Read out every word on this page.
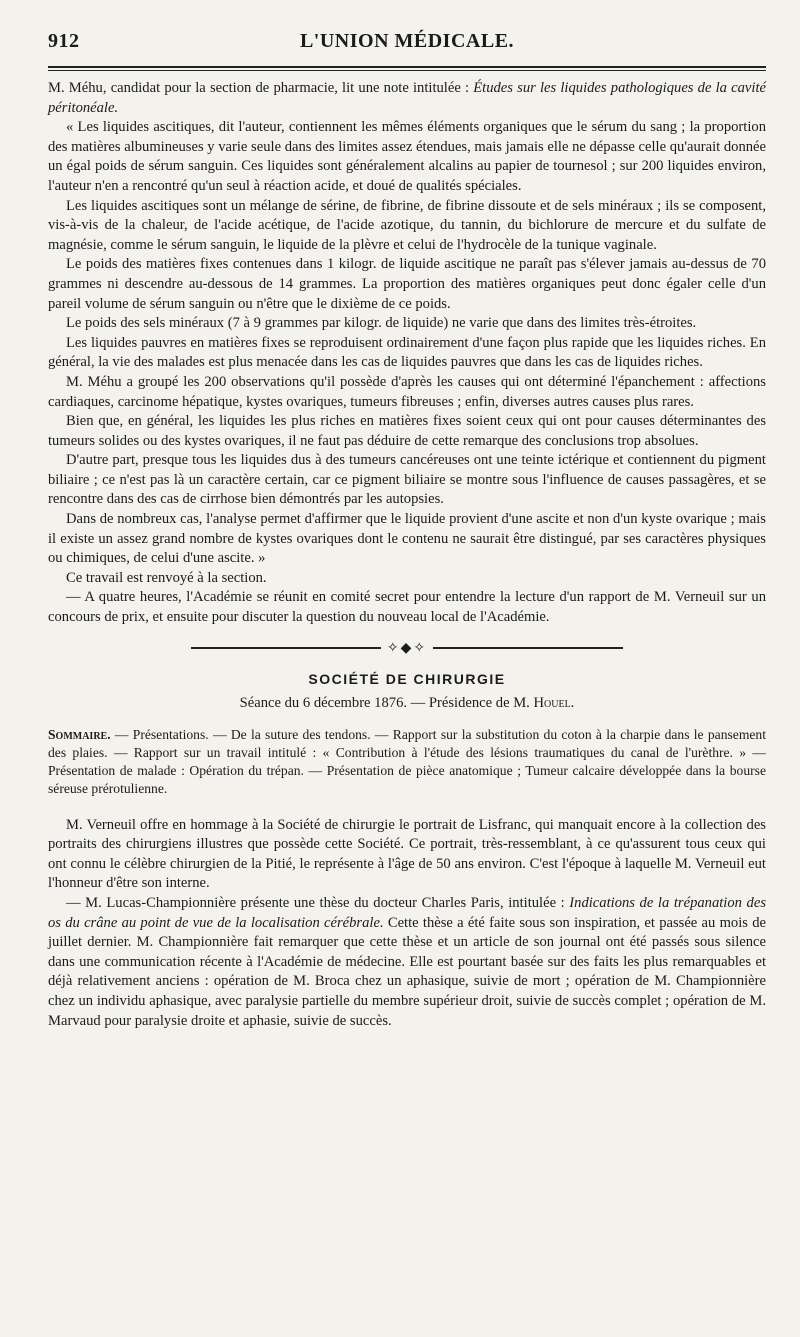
912	L'UNION MÉDICALE.

M. Méhu, candidat pour la section de pharmacie, lit une note intitulée : Études sur les liquides pathologiques de la cavité péritonéale.

« Les liquides ascitiques, dit l'auteur, contiennent les mêmes éléments organiques que le sérum du sang ; la proportion des matières albumineuses y varie seule dans des limites assez étendues, mais jamais elle ne dépasse celle qu'aurait donnée un égal poids de sérum sanguin. Ces liquides sont généralement alcalins au papier de tournesol ; sur 200 liquides environ, l'auteur n'en a rencontré qu'un seul à réaction acide, et doué de qualités spéciales.

Les liquides ascitiques sont un mélange de sérine, de fibrine, de fibrine dissoute et de sels minéraux ; ils se composent, vis-à-vis de la chaleur, de l'acide acétique, de l'acide azotique, du tannin, du bichlorure de mercure et du sulfate de magnésie, comme le sérum sanguin, le liquide de la plèvre et celui de l'hydrocèle de la tunique vaginale.

Le poids des matières fixes contenues dans 1 kilogr. de liquide ascitique ne paraît pas s'élever jamais au-dessus de 70 grammes ni descendre au-dessous de 14 grammes. La proportion des matières organiques peut donc égaler celle d'un pareil volume de sérum sanguin ou n'être que le dixième de ce poids.

Le poids des sels minéraux (7 à 9 grammes par kilogr. de liquide) ne varie que dans des limites très-étroites.

Les liquides pauvres en matières fixes se reproduisent ordinairement d'une façon plus rapide que les liquides riches. En général, la vie des malades est plus menacée dans les cas de liquides pauvres que dans les cas de liquides riches.

M. Méhu a groupé les 200 observations qu'il possède d'après les causes qui ont déterminé l'épanchement : affections cardiaques, carcinome hépatique, kystes ovariques, tumeurs fibreuses ; enfin, diverses autres causes plus rares.

Bien que, en général, les liquides les plus riches en matières fixes soient ceux qui ont pour causes déterminantes des tumeurs solides ou des kystes ovariques, il ne faut pas déduire de cette remarque des conclusions trop absolues.

D'autre part, presque tous les liquides dus à des tumeurs cancéreuses ont une teinte ictérique et contiennent du pigment biliaire ; ce n'est pas là un caractère certain, car ce pigment biliaire se montre sous l'influence de causes passagères, et se rencontre dans des cas de cirrhose bien démontrés par les autopsies.

Dans de nombreux cas, l'analyse permet d'affirmer que le liquide provient d'une ascite et non d'un kyste ovarique ; mais il existe un assez grand nombre de kystes ovariques dont le contenu ne saurait être distingué, par ses caractères physiques ou chimiques, de celui d'une ascite. »

Ce travail est renvoyé à la section.

— A quatre heures, l'Académie se réunit en comité secret pour entendre la lecture d'un rapport de M. Verneuil sur un concours de prix, et ensuite pour discuter la question du nouveau local de l'Académie.

✧◆✧
SOCIÉTÉ DE CHIRURGIE
Séance du 6 décembre 1876. — Présidence de M. Houel.
Sommaire. — Présentations. — De la suture des tendons. — Rapport sur la substitution du coton à la charpie dans le pansement des plaies. — Rapport sur un travail intitulé : « Contribution à l'étude des lésions traumatiques du canal de l'urèthre. » — Présentation de malade : Opération du trépan. — Présentation de pièce anatomique ; Tumeur calcaire développée dans la bourse séreuse prérotulienne.

M. Verneuil offre en hommage à la Société de chirurgie le portrait de Lisfranc, qui manquait encore à la collection des portraits des chirurgiens illustres que possède cette Société. Ce portrait, très-ressemblant, à ce qu'assurent tous ceux qui ont connu le célèbre chirurgien de la Pitié, le représente à l'âge de 50 ans environ. C'est l'époque à laquelle M. Verneuil eut l'honneur d'être son interne.

— M. Lucas-Championnière présente une thèse du docteur Charles Paris, intitulée : Indications de la trépanation des os du crâne au point de vue de la localisation cérébrale. Cette thèse a été faite sous son inspiration, et passée au mois de juillet dernier. M. Championnière fait remarquer que cette thèse et un article de son journal ont été passés sous silence dans une communication récente à l'Académie de médecine. Elle est pourtant basée sur des faits les plus remarquables et déjà relativement anciens : opération de M. Broca chez un aphasique, suivie de mort ; opération de M. Championnière chez un individu aphasique, avec paralysie partielle du membre supérieur droit, suivie de succès complet ; opération de M. Marvaud pour paralysie droite et aphasie, suivie de succès.
